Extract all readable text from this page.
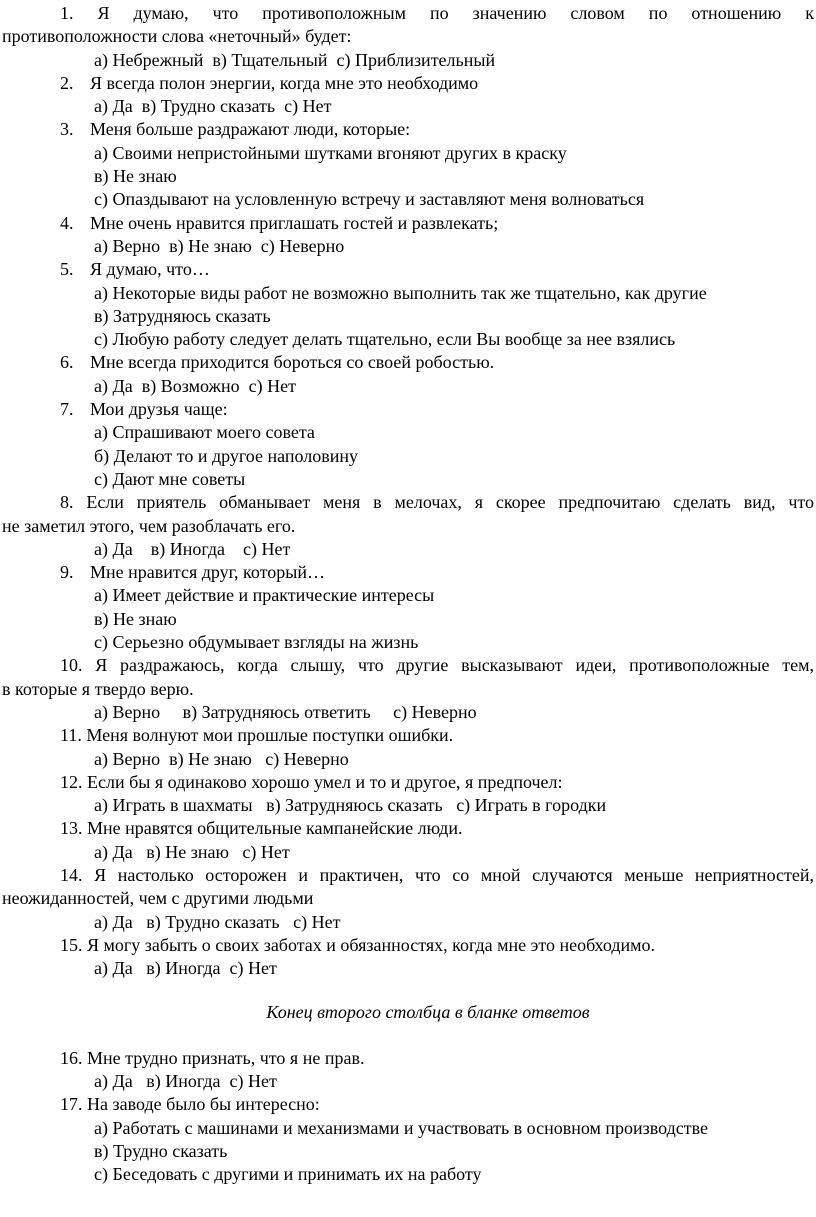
1. Я думаю, что противоположным по значению словом по отношению к
противоположности слова «неточный» будет:
а) Небрежный  в) Тщательный  с) Приблизительный
2. Я всегда полон энергии, когда мне это необходимо
а) Да  в) Трудно сказать  с) Нет
3. Меня больше раздражают люди, которые:
а) Своими непристойными шутками вгоняют других в краску
в) Не знаю
с) Опаздывают на условленную встречу и заставляют меня волноваться
4. Мне очень нравится приглашать гостей и развлекать;
а) Верно  в) Не знаю  с) Неверно
5. Я думаю, что…
а) Некоторые виды работ не возможно выполнить так же тщательно, как другие
в) Затрудняюсь сказать
с) Любую работу следует делать тщательно, если Вы вообще за нее взялись
6. Мне всегда приходится бороться со своей робостью.
а) Да  в) Возможно  с) Нет
7. Мои друзья чаще:
а) Спрашивают моего совета
б) Делают то и другое наполовину
с) Дают мне советы
8. Если приятель обманывает меня в мелочах, я скорее предпочитаю сделать вид, что
не заметил этого, чем разоблачать его.
а) Да    в) Иногда    с) Нет
9. Мне нравится друг, который…
а) Имеет действие и практические интересы
в) Не знаю
с) Серьезно обдумывает взгляды на жизнь
10. Я раздражаюсь, когда слышу, что другие высказывают идеи, противоположные тем,
в которые я твердо верю.
а) Верно     в) Затрудняюсь ответить     с) Неверно
11. Меня волнуют мои прошлые поступки ошибки.
а) Верно  в) Не знаю   с) Неверно
12. Если бы я одинаково хорошо умел и то и другое, я предпочел:
а) Играть в шахматы   в) Затрудняюсь сказать   с) Играть в городки
13. Мне нравятся общительные кампанейские люди.
а) Да   в) Не знаю   с) Нет
14. Я настолько осторожен и практичен, что со мной случаются меньше неприятностей,
неожиданностей, чем с другими людьми
а) Да   в) Трудно сказать   с) Нет
15. Я могу забыть о своих заботах и обязанностях, когда мне это необходимо.
а) Да   в) Иногда  с) Нет
Конец второго столбца в бланке ответов
16. Мне трудно признать, что я не прав.
а) Да   в) Иногда  с) Нет
17. На заводе было бы интересно:
а) Работать с машинами и механизмами и участвовать в основном производстве
в) Трудно сказать
с) Беседовать с другими и принимать их на работу
